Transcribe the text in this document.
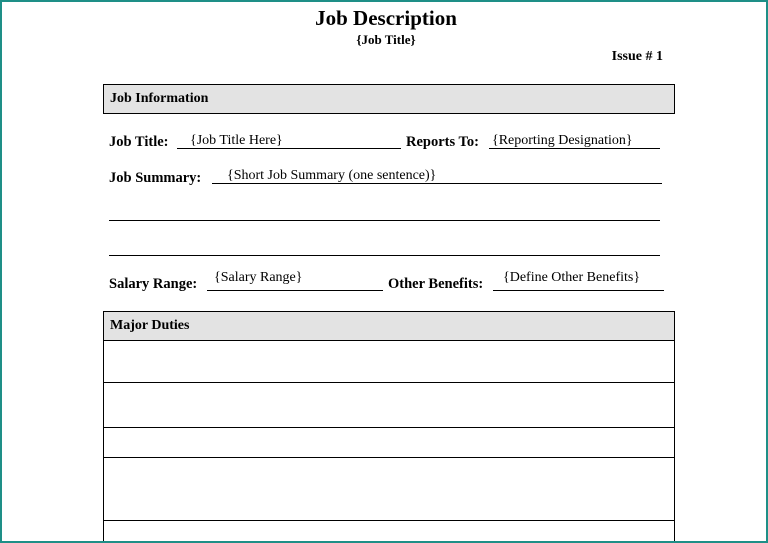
Job Description
{Job Title}
Issue # 1
Job Information
Job Title:	{Job Title Here}	Reports To: {Reporting Designation}
Job Summary:	{Short Job Summary (one sentence)}
Salary Range:	{Salary Range}	Other Benefits:	{Define Other Benefits}
Major Duties
